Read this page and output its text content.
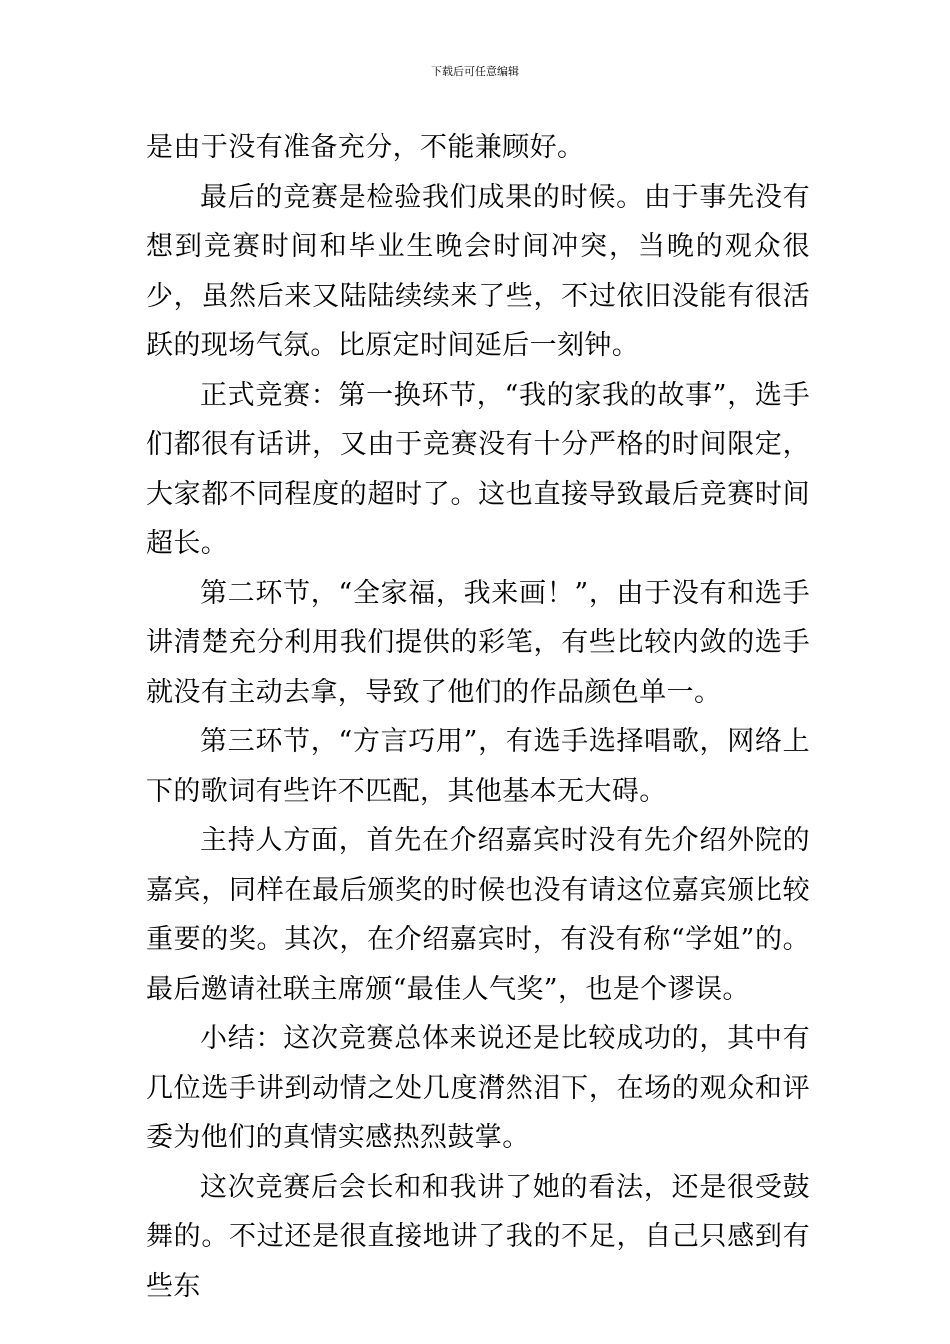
下载后可任意编辑

是由于没有准备充分，不能兼顾好。

最后的竞赛是检验我们成果的时候。由于事先没有想到竞赛时间和毕业生晚会时间冲突，当晚的观众很少，虽然后来又陆陆续续来了些，不过依旧没能有很活跃的现场气氛。比原定时间延后一刻钟。

正式竞赛：第一换环节，“我的家我的故事”，选手们都很有话讲，又由于竞赛没有十分严格的时间限定，大家都不同程度的超时了。这也直接导致最后竞赛时间超长。

第二环节，“全家福，我来画！”，由于没有和选手讲清楚充分利用我们提供的彩笔，有些比较内敛的选手就没有主动去拿，导致了他们的作品颜色单一。

第三环节，“方言巧用”，有选手选择唱歌，网络上下的歌词有些许不匹配，其他基本无大碍。

主持人方面，首先在介绍嘉宾时没有先介绍外院的嘉宾，同样在最后颁奖的时候也没有请这位嘉宾颁比较重要的奖。其次，在介绍嘉宾时，有没有称“学姐”的。最后邀请社联主席颁“最佳人气奖”，也是个谬误。

小结：这次竞赛总体来说还是比较成功的，其中有几位选手讲到动情之处几度潸然泪下，在场的观众和评委为他们的真情实感热烈鼓掌。

这次竞赛后会长和和我讲了她的看法，还是很受鼓舞的。不过还是很直接地讲了我的不足，自己只感到有些东
